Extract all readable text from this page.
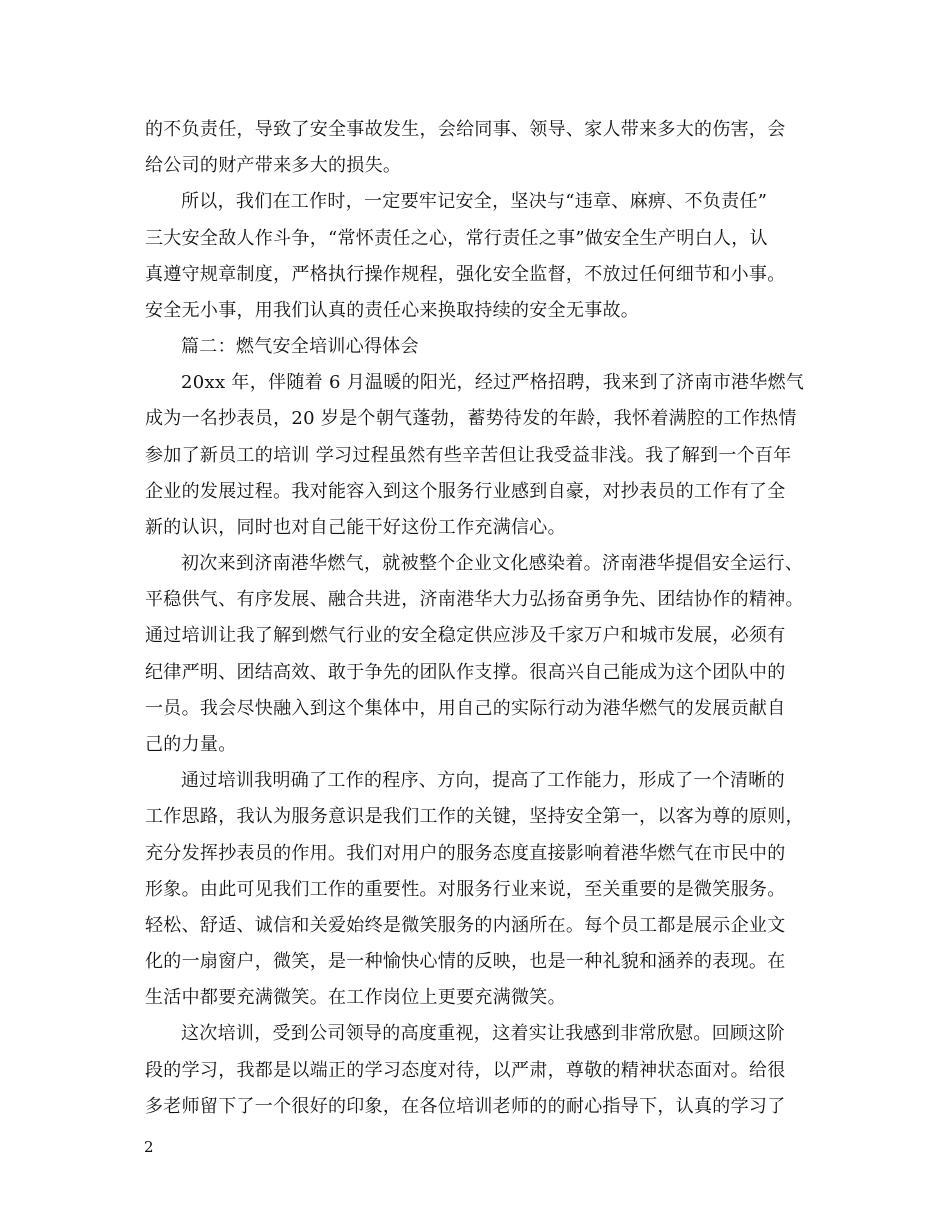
的不负责任，导致了安全事故发生，会给同事、领导、家人带来多大的伤害，会
给公司的财产带来多大的损失。
所以，我们在工作时，一定要牢记安全，坚决与“违章、麻痹、不负责任”
三大安全敌人作斗争，“常怀责任之心，常行责任之事”做安全生产明白人，认
真遵守规章制度，严格执行操作规程，强化安全监督，不放过任何细节和小事。
安全无小事，用我们认真的责任心来换取持续的安全无事故。
篇二：燃气安全培训心得体会
20xx 年，伴随着 6 月温暖的阳光，经过严格招聘，我来到了济南市港华燃气
成为一名抄表员，20 岁是个朝气蓬勃，蓄势待发的年龄，我怀着满腔的工作热情
参加了新员工的培训 学习过程虽然有些辛苦但让我受益非浅。我了解到一个百年
企业的发展过程。我对能容入到这个服务行业感到自豪，对抄表员的工作有了全
新的认识，同时也对自己能干好这份工作充满信心。
初次来到济南港华燃气，就被整个企业文化感染着。济南港华提倡安全运行、
平稳供气、有序发展、融合共进，济南港华大力弘扬奋勇争先、团结协作的精神。
通过培训让我了解到燃气行业的安全稳定供应涉及千家万户和城市发展，必须有
纪律严明、团结高效、敢于争先的团队作支撑。很高兴自己能成为这个团队中的
一员。我会尽快融入到这个集体中，用自己的实际行动为港华燃气的发展贡献自
己的力量。
通过培训我明确了工作的程序、方向，提高了工作能力，形成了一个清晰的
工作思路，我认为服务意识是我们工作的关键，坚持安全第一，以客为尊的原则，
充分发挥抄表员的作用。我们对用户的服务态度直接影响着港华燃气在市民中的
形象。由此可见我们工作的重要性。对服务行业来说，至关重要的是微笑服务。
轻松、舒适、诚信和关爱始终是微笑服务的内涵所在。每个员工都是展示企业文
化的一扇窗户，微笑，是一种愉快心情的反映，也是一种礼貌和涵养的表现。在
生活中都要充满微笑。在工作岗位上更要充满微笑。
这次培训，受到公司领导的高度重视，这着实让我感到非常欣慰。回顾这阶
段的学习，我都是以端正的学习态度对待，以严肃，尊敬的精神状态面对。给很
多老师留下了一个很好的印象，在各位培训老师的的耐心指导下，认真的学习了
2
